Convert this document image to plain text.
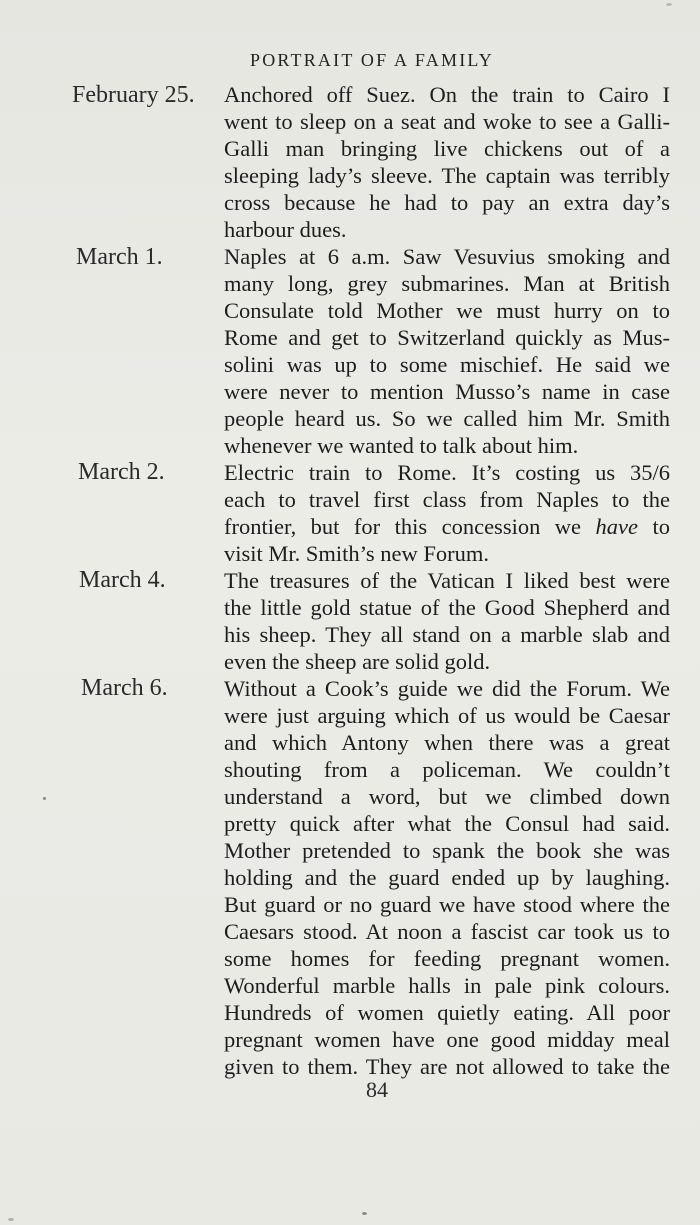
PORTRAIT OF A FAMILY
February 25.
March 1.
March 2.
March 4.
March 6.
Anchored off Suez. On the train to Cairo I
went to sleep on a seat and woke to see a Galli-
Galli man bringing live chickens out of a
sleeping lady’s sleeve. The captain was terribly
cross because he had to pay an extra day’s
harbour dues.
Naples at 6 a.m. Saw Vesuvius smoking and
many long, grey submarines. Man at British
Consulate told Mother we must hurry on to
Rome and get to Switzerland quickly as Mus-
solini was up to some mischief. He said we
were never to mention Musso’s name in case
people heard us. So we called him Mr. Smith
whenever we wanted to talk about him.
Electric train to Rome. It’s costing us 35/6
each to travel first class from Naples to the
frontier, but for this concession we have to
visit Mr. Smith’s new Forum.
The treasures of the Vatican I liked best were
the little gold statue of the Good Shepherd and
his sheep. They all stand on a marble slab and
even the sheep are solid gold.
Without a Cook’s guide we did the Forum. We
were just arguing which of us would be Caesar
and which Antony when there was a great
shouting from a policeman. We couldn’t
understand a word, but we climbed down
pretty quick after what the Consul had said.
Mother pretended to spank the book she was
holding and the guard ended up by laughing.
But guard or no guard we have stood where the
Caesars stood. At noon a fascist car took us to
some homes for feeding pregnant women.
Wonderful marble halls in pale pink colours.
Hundreds of women quietly eating. All poor
pregnant women have one good midday meal
given to them. They are not allowed to take the
84
